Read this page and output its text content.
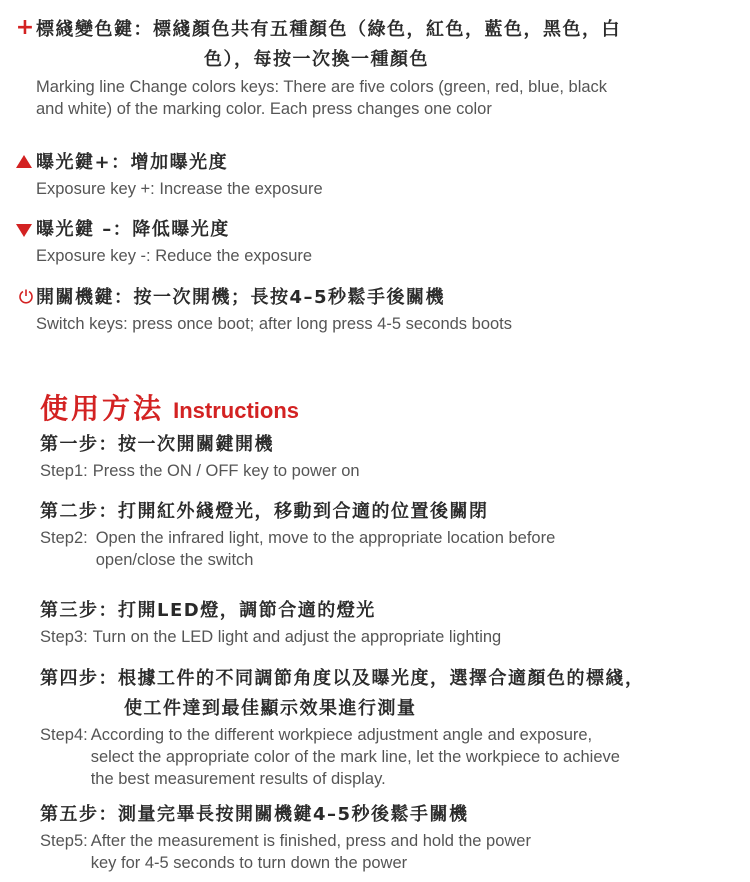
+ 標綫變色鍵：標綫顏色共有五種顏色（綠色，紅色，藍色，黑色，白
色），每按一次換一種顏色
Marking line Change colors keys: There are five colors (green, red, blue, black
and white) of the marking color. Each press changes one color
曝光鍵+：增加曝光度
Exposure key +: Increase the exposure
曝光鍵 –：降低曝光度
Exposure key -: Reduce the exposure
開關機鍵：按一次開機；長按4–5秒鬆手後關機
Switch keys: press once boot; after long press 4-5 seconds boots
使用方法 Instructions
第一步：按一次開關鍵開機
Step1: Press the ON / OFF key to power on
第二步：打開紅外綫燈光，移動到合適的位置後關閉
Step2: Open the infrared light, move to the appropriate location before
open/close the switch
第三步：打開LED燈，調節合適的燈光
Step3: Turn on the LED light and adjust the appropriate lighting
第四步：根據工件的不同調節角度以及曝光度，選擇合適顏色的標綫，
使工件達到最佳顯示效果進行測量
Step4: According to the different workpiece adjustment angle and exposure,
select the appropriate color of the mark line, let the workpiece to achieve
the best measurement results of display.
第五步：測量完畢長按開關機鍵4–5秒後鬆手關機
Step5: After the measurement is finished, press and hold the power
key for 4-5 seconds to turn down the power
